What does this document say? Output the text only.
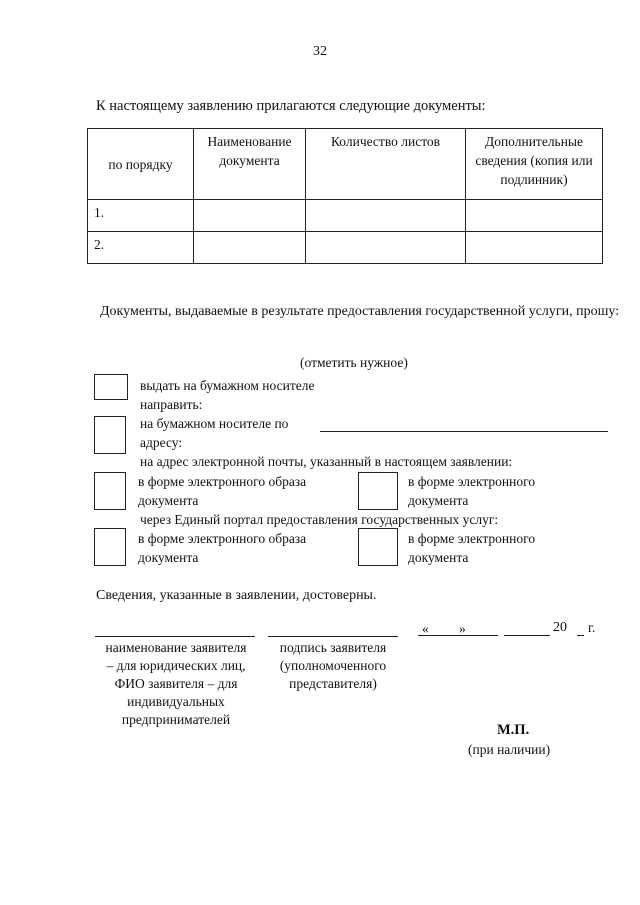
32
К настоящему заявлению прилагаются следующие документы:
по порядку	Наименование документа	Количество листов	Дополнительные сведения (копия или подлинник)
1.			
2.			
Документы, выдаваемые в результате предоставления государственной услуги, прошу:
(отметить нужное)
выдать на бумажном носителе
направить:
на бумажном носителе по
адресу:
на адрес электронной почты, указанный в настоящем заявлении:
в форме электронного образа
документа
в форме электронного
документа
через Единый портал предоставления государственных услуг:
в форме электронного образа
документа
в форме электронного
документа
Сведения, указанные в заявлении, достоверны.
« »	20 г.
наименование заявителя
– для юридических лиц,
ФИО заявителя – для
индивидуальных
предпринимателей
подпись заявителя
(уполномоченного
представителя)
М.П.
(при наличии)
